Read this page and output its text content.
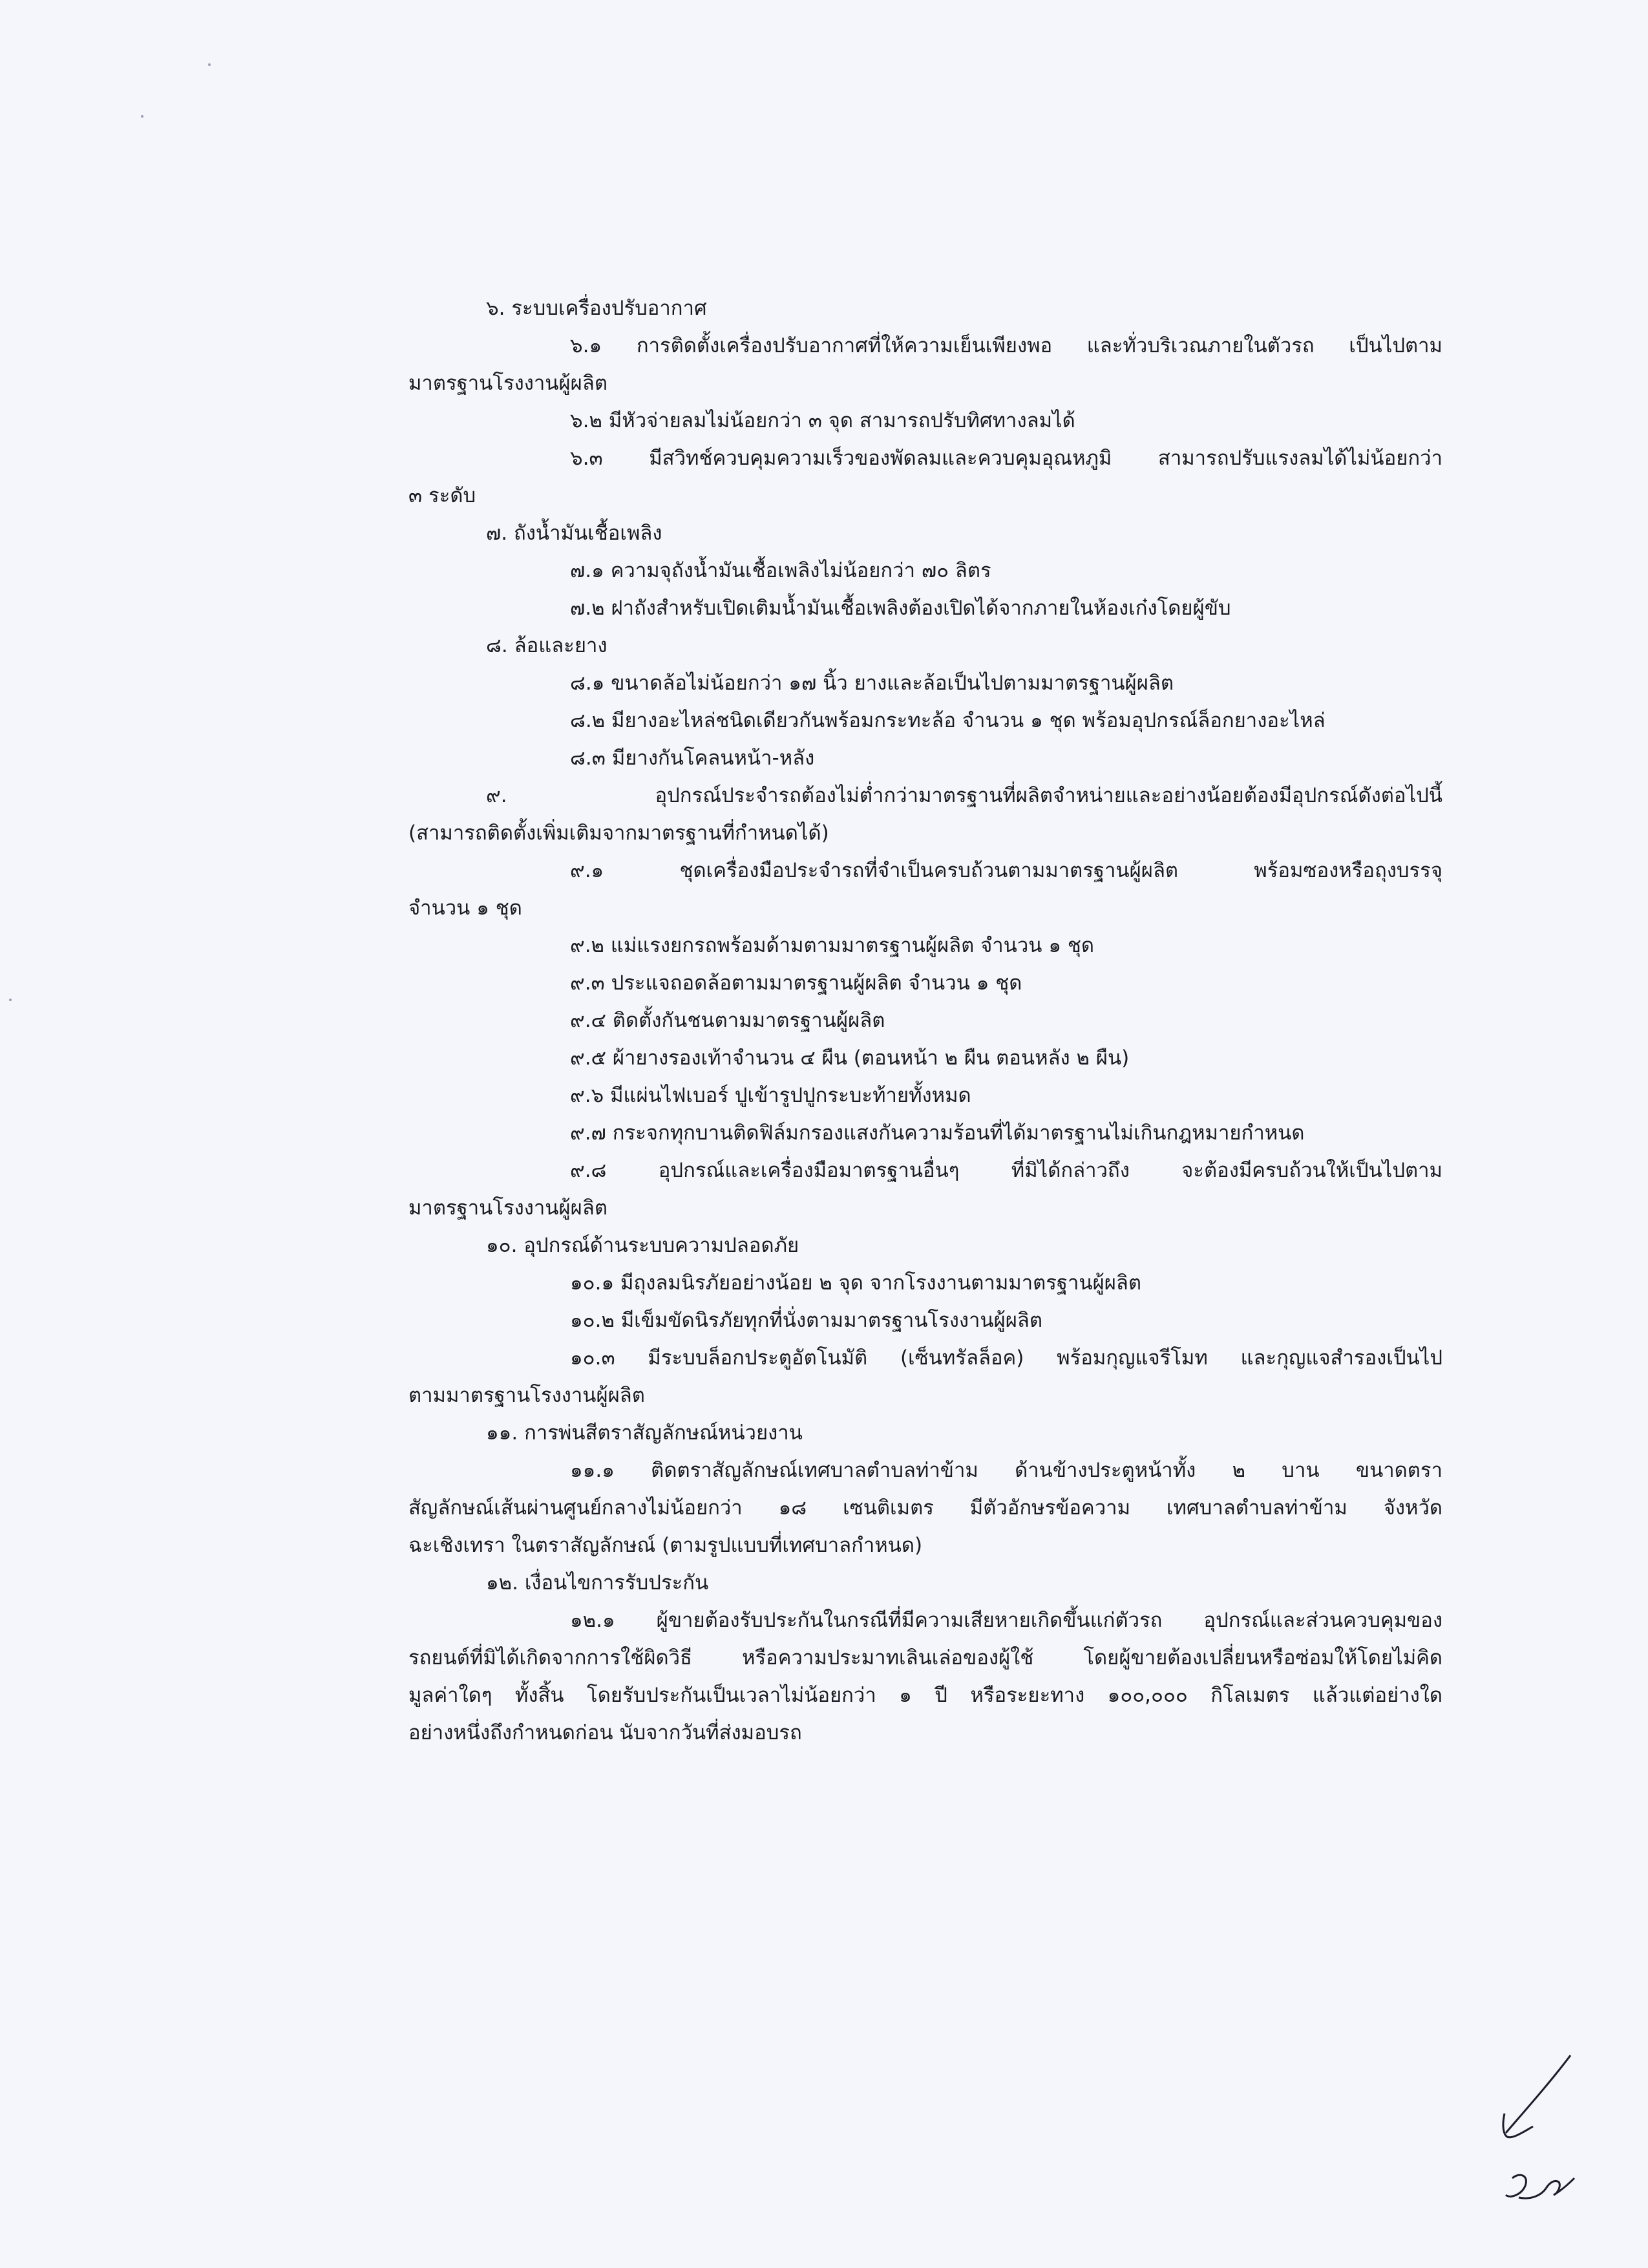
๖. ระบบเครื่องปรับอากาศ
๖.๑ การติดตั้งเครื่องปรับอากาศที่ให้ความเย็นเพียงพอ และทั่วบริเวณภายในตัวรถ เป็นไปตาม
มาตรฐานโรงงานผู้ผลิต
๖.๒ มีหัวจ่ายลมไม่น้อยกว่า ๓ จุด สามารถปรับทิศทางลมได้
๖.๓ มีสวิทช์ควบคุมความเร็วของพัดลมและควบคุมอุณหภูมิ สามารถปรับแรงลมได้ไม่น้อยกว่า
๓ ระดับ
๗. ถังน้ำมันเชื้อเพลิง
๗.๑ ความจุถังน้ำมันเชื้อเพลิงไม่น้อยกว่า ๗๐ ลิตร
๗.๒ ฝาถังสำหรับเปิดเติมน้ำมันเชื้อเพลิงต้องเปิดได้จากภายในห้องเก๋งโดยผู้ขับ
๘. ล้อและยาง
๘.๑ ขนาดล้อไม่น้อยกว่า ๑๗ นิ้ว ยางและล้อเป็นไปตามมาตรฐานผู้ผลิต
๘.๒ มียางอะไหล่ชนิดเดียวกันพร้อมกระทะล้อ จำนวน ๑ ชุด พร้อมอุปกรณ์ล็อกยางอะไหล่
๘.๓ มียางกันโคลนหน้า-หลัง
๙. อุปกรณ์ประจำรถต้องไม่ต่ำกว่ามาตรฐานที่ผลิตจำหน่ายและอย่างน้อยต้องมีอุปกรณ์ดังต่อไปนี้
(สามารถติดตั้งเพิ่มเติมจากมาตรฐานที่กำหนดได้)
๙.๑ ชุดเครื่องมือประจำรถที่จำเป็นครบถ้วนตามมาตรฐานผู้ผลิต พร้อมซองหรือถุงบรรจุ
จำนวน ๑ ชุด
๙.๒ แม่แรงยกรถพร้อมด้ามตามมาตรฐานผู้ผลิต จำนวน ๑ ชุด
๙.๓ ประแจถอดล้อตามมาตรฐานผู้ผลิต จำนวน ๑ ชุด
๙.๔ ติดตั้งกันชนตามมาตรฐานผู้ผลิต
๙.๕ ผ้ายางรองเท้าจำนวน ๔ ผืน (ตอนหน้า ๒ ผืน ตอนหลัง ๒ ผืน)
๙.๖ มีแผ่นไฟเบอร์ ปูเข้ารูปปูกระบะท้ายทั้งหมด
๙.๗ กระจกทุกบานติดฟิล์มกรองแสงกันความร้อนที่ได้มาตรฐานไม่เกินกฎหมายกำหนด
๙.๘ อุปกรณ์และเครื่องมือมาตรฐานอื่นๆ ที่มิได้กล่าวถึง จะต้องมีครบถ้วนให้เป็นไปตาม
มาตรฐานโรงงานผู้ผลิต
๑๐. อุปกรณ์ด้านระบบความปลอดภัย
๑๐.๑ มีถุงลมนิรภัยอย่างน้อย ๒ จุด จากโรงงานตามมาตรฐานผู้ผลิต
๑๐.๒ มีเข็มขัดนิรภัยทุกที่นั่งตามมาตรฐานโรงงานผู้ผลิต
๑๐.๓ มีระบบล็อกประตูอัตโนมัติ (เซ็นทรัลล็อค) พร้อมกุญแจรีโมท และกุญแจสำรองเป็นไป
ตามมาตรฐานโรงงานผู้ผลิต
๑๑. การพ่นสีตราสัญลักษณ์หน่วยงาน
๑๑.๑ ติดตราสัญลักษณ์เทศบาลตำบลท่าข้าม ด้านข้างประตูหน้าทั้ง ๒ บาน ขนาดตรา
สัญลักษณ์เส้นผ่านศูนย์กลางไม่น้อยกว่า ๑๘ เซนติเมตร มีตัวอักษรข้อความ เทศบาลตำบลท่าข้าม จังหวัด
ฉะเชิงเทรา ในตราสัญลักษณ์ (ตามรูปแบบที่เทศบาลกำหนด)
๑๒. เงื่อนไขการรับประกัน
๑๒.๑ ผู้ขายต้องรับประกันในกรณีที่มีความเสียหายเกิดขึ้นแก่ตัวรถ อุปกรณ์และส่วนควบคุมของ
รถยนต์ที่มิได้เกิดจากการใช้ผิดวิธี หรือความประมาทเลินเล่อของผู้ใช้ โดยผู้ขายต้องเปลี่ยนหรือซ่อมให้โดยไม่คิด
มูลค่าใดๆ ทั้งสิ้น โดยรับประกันเป็นเวลาไม่น้อยกว่า ๑ ปี หรือระยะทาง ๑๐๐,๐๐๐ กิโลเมตร แล้วแต่อย่างใด
อย่างหนึ่งถึงกำหนดก่อน นับจากวันที่ส่งมอบรถ
